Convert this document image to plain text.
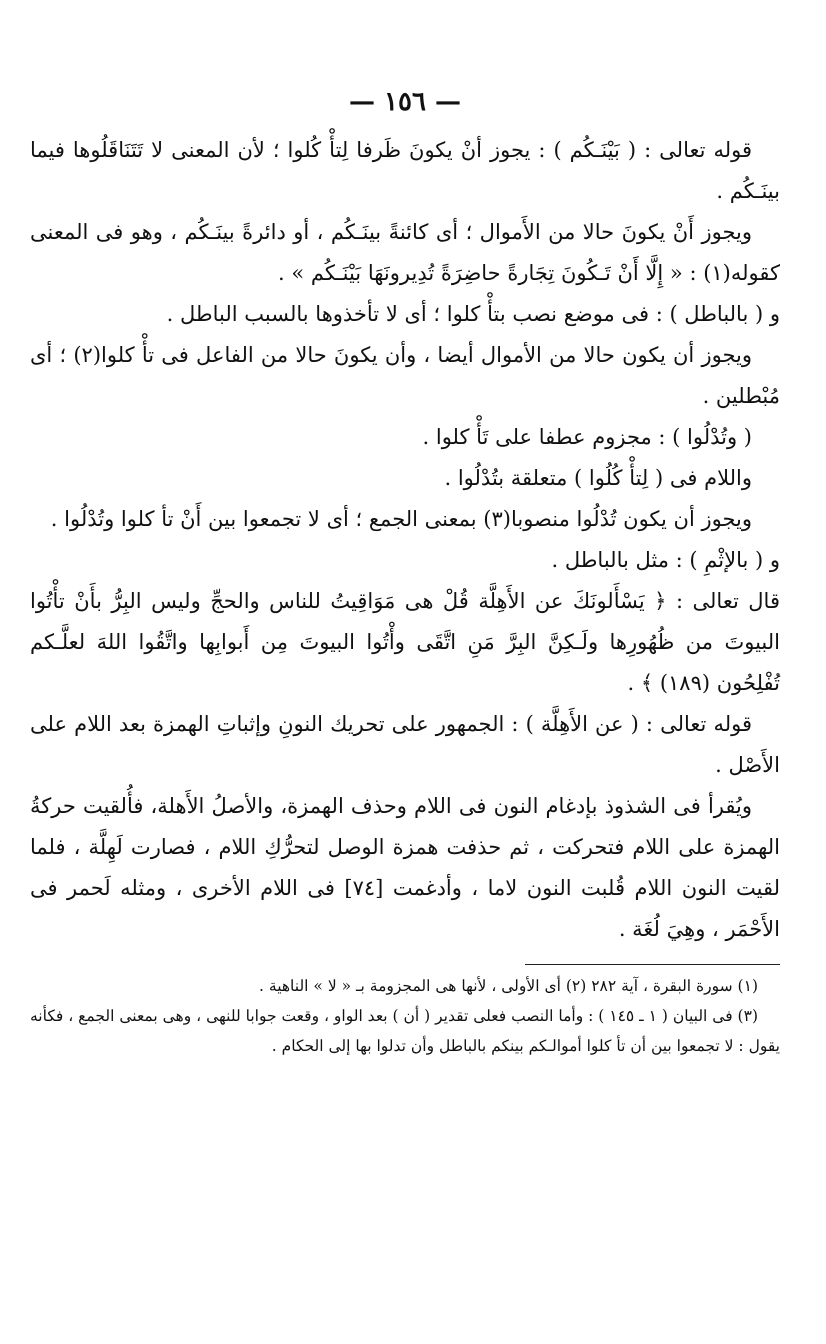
— ١٥٦ —

قوله تعالى : ( بَيْنَـكُم ) : يجوز أنْ يكونَ ظَرفا لِتأْ كُلوا ؛ لأن المعنى لا تَتَنَاقَلُوها فيما بينَـكُم .

ويجوز أَنْ يكونَ حالا من الأَموال ؛ أى كائنةً بينَـكُم ، أو دائرةً بينَـكُم ، وهو فى المعنى كقوله(١) : « إِلَّا أَنْ تَـكُونَ تِجَارةً حاضِرَةً تُدِيرونَهَا بَيْنَـكُم » .

و ( بالباطل ) : فى موضع نصب بتأْ كلوا ؛ أى لا تأخذوها بالسبب الباطل .

ويجوز أن يكون حالا من الأموال أيضا ، وأن يكونَ حالا من الفاعل فى تأْ كلوا(٢) ؛ أى مُبْطلين .

( وتُدْلُوا ) : مجزوم عطفا على تَأْ كلوا .

واللام فى ( لِتأْ كُلُوا ) متعلقة بتُدْلُوا .

ويجوز أن يكون تُدْلُوا منصوبا(٣) بمعنى الجمع ؛ أى لا تجمعوا بين أَنْ تأ كلوا وتُدْلُوا .

و ( بالإثْمِ ) : مثل بالباطل .

قال تعالى : ﴿ يَسْأَلونَكَ عن الأَهِلَّة قُلْ هى مَوَاقِيتُ للناس والحجِّ وليس البِرُّ بأَنْ تأْتُوا البيوتَ من ظُهُورِها ولَـكِنَّ البِرَّ مَنِ اتَّقَى وأْتُوا البيوتَ مِن أَبوابِها واتَّقُوا اللهَ لعلَّـكم تُفْلِحُون (١٨٩) ﴾ .

قوله تعالى : ( عن الأَهِلَّة ) : الجمهور على تحريك النونِ وإثباتِ الهمزة بعد اللام على الأَصْل .

ويُقرأ فى الشذوذ بإدغام النون فى اللام وحذف الهمزة، والأصلُ الأَهلة، فأُلقيت حركةُ الهمزة على اللام فتحركت ، ثم حذفت همزة الوصل لتحرُّكِ اللام ، فصارت لَهِلَّة ، فلما لقيت النون اللام قُلبت النون لاما ، وأدغمت [٧٤] فى اللام الأخرى ، ومثله لَحمر فى الأَحْمَر ، وهِيَ لُغَة .

(١) سورة البقرة ، آية ٢٨٢ (٢) أى الأولى ، لأنها هى المجزومة بـ « لا » الناهية .

(٣) فى البيان ( ١ ـ ١٤٥ ) : وأما النصب فعلى تقدير ( أن ) بعد الواو ، وقعت جوابا للنهى ، وهى بمعنى الجمع ، فكأنه يقول : لا تجمعوا بين أن تأ كلوا أموالـكم بينكم بالباطل وأن تدلوا بها إلى الحكام .
